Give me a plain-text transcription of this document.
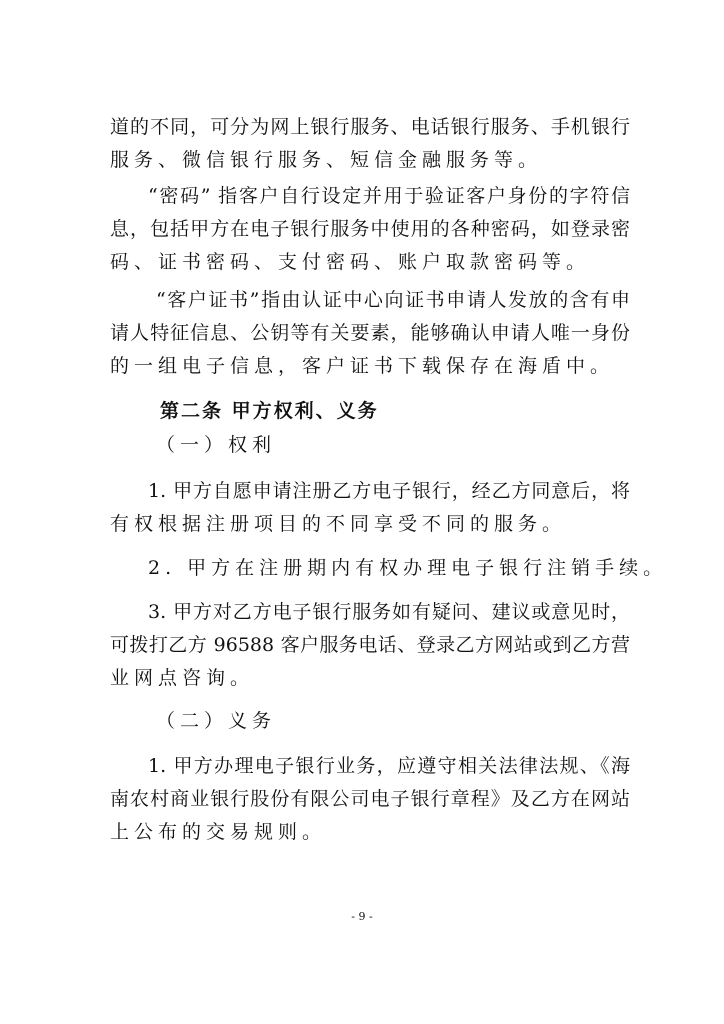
道的不同，可分为网上银行服务、电话银行服务、手机银行
服务、微信银行服务、短信金融服务等。
“密码” 指客户自行设定并用于验证客户身份的字符信
息，包括甲方在电子银行服务中使用的各种密码，如登录密
码、证书密码、支付密码、账户取款密码等。
“客户证书”指由认证中心向证书申请人发放的含有申
请人特征信息、公钥等有关要素，能够确认申请人唯一身份
的一组电子信息，客户证书下载保存在海盾中。
第二条 甲方权利、义务
（一）权利
1. 甲方自愿申请注册乙方电子银行，经乙方同意后，将
有权根据注册项目的不同享受不同的服务。
2. 甲方在注册期内有权办理电子银行注销手续。
3. 甲方对乙方电子银行服务如有疑问、建议或意见时，
可拨打乙方 96588 客户服务电话、登录乙方网站或到乙方营
业网点咨询。
（二）义务
1. 甲方办理电子银行业务，应遵守相关法律法规、《海
南农村商业银行股份有限公司电子银行章程》及乙方在网站
上公布的交易规则。
- 9 -
